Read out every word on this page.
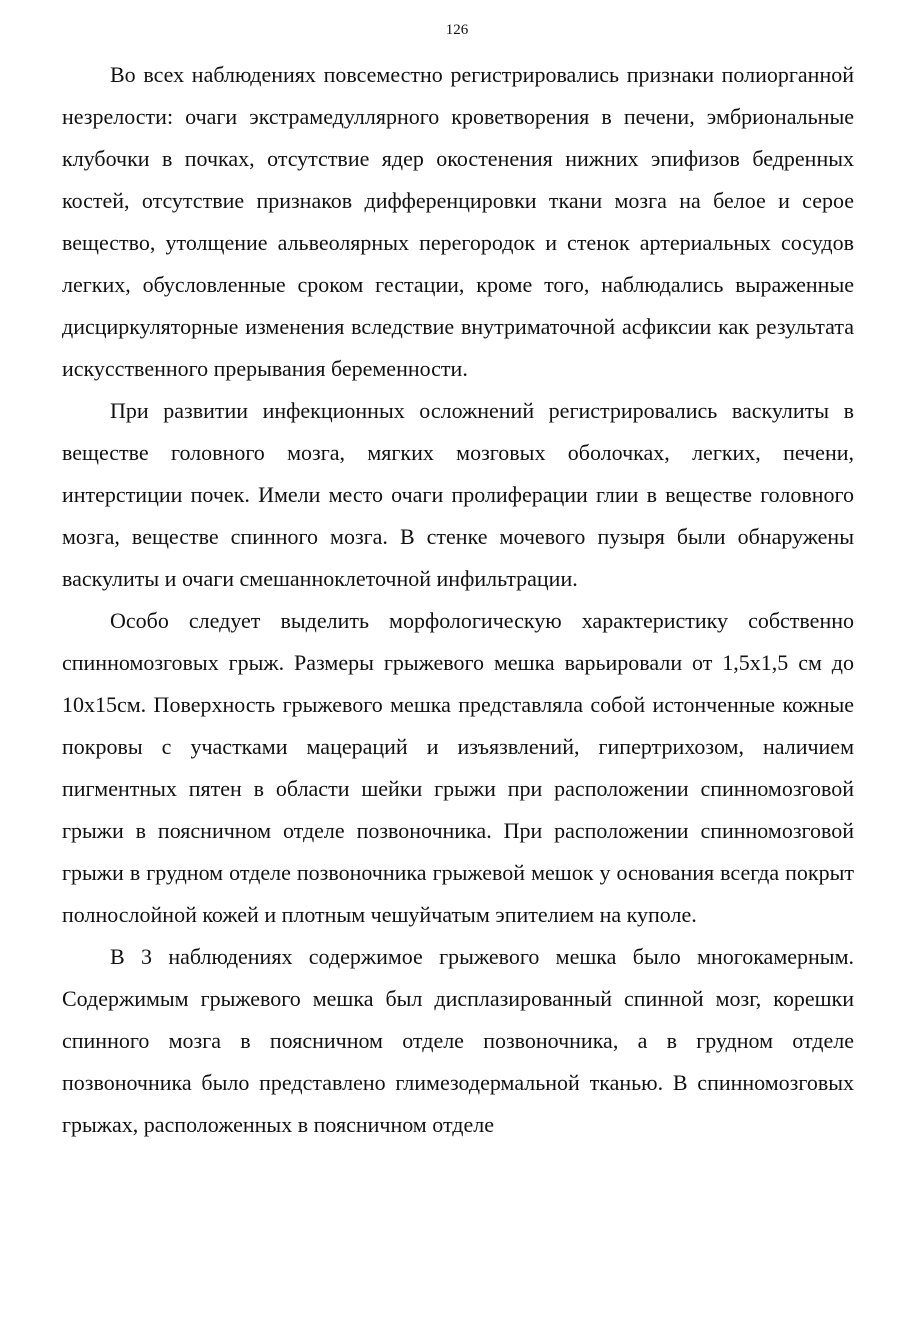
126

Во всех наблюдениях повсеместно регистрировались признаки полиорганной незрелости: очаги экстрамедуллярного кроветворения в печени, эмбриональные клубочки в почках, отсутствие ядер окостенения нижних эпифизов бедренных костей, отсутствие признаков дифференцировки ткани мозга на белое и серое вещество, утолщение альвеолярных перегородок и стенок артериальных сосудов легких, обусловленные сроком гестации, кроме того, наблюдались выраженные дисциркуляторные изменения вследствие внутриматочной асфиксии как результата искусственного прерывания беременности.

При развитии инфекционных осложнений регистрировались васкулиты в веществе головного мозга, мягких мозговых оболочках, легких, печени, интерстиции почек. Имели место очаги пролиферации глии в веществе головного мозга, веществе спинного мозга. В стенке мочевого пузыря были обнаружены васкулиты и очаги смешанноклеточной инфильтрации.

Особо следует выделить морфологическую характеристику собственно спинномозговых грыж. Размеры грыжевого мешка варьировали от 1,5х1,5 см до 10х15см. Поверхность грыжевого мешка представляла собой истонченные кожные покровы с участками мацераций и изъязвлений, гипертрихозом, наличием пигментных пятен в области шейки грыжи при расположении спинномозговой грыжи в поясничном отделе позвоночника. При расположении спинномозговой грыжи в грудном отделе позвоночника грыжевой мешок у основания всегда покрыт полнослойной кожей и плотным чешуйчатым эпителием на куполе.

В 3 наблюдениях содержимое грыжевого мешка было многокамерным. Содержимым грыжевого мешка был дисплазированный спинной мозг, корешки спинного мозга в поясничном отделе позвоночника, а в грудном отделе позвоночника было представлено глимезодермальной тканью. В спинномозговых грыжах, расположенных в поясничном отделе
